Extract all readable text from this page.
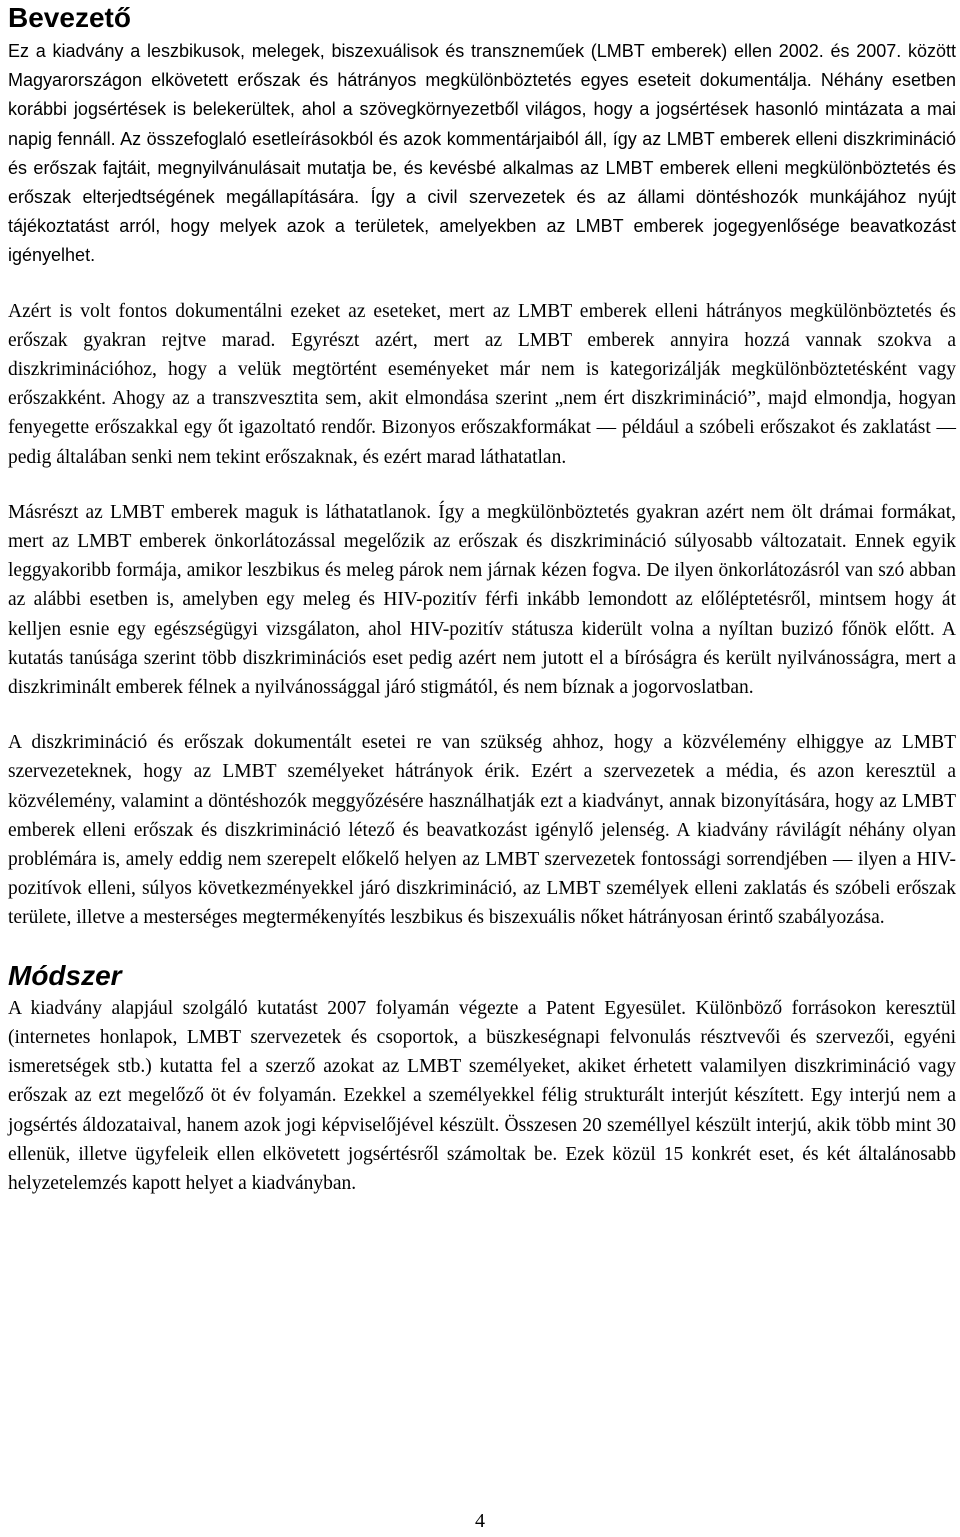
Bevezető

Ez a kiadvány a leszbikusok, melegek, biszexuálisok és transzneműek (LMBT emberek) ellen 2002. és 2007. között Magyarországon elkövetett erőszak és hátrányos megkülönböztetés egyes eseteit dokumentálja. Néhány esetben korábbi jogsértések is belekerültek, ahol a szövegkörnyezetből világos, hogy a jogsértések hasonló mintázata a mai napig fennáll. Az összefoglaló esetleírásokból és azok kommentárjaiból áll, így az LMBT emberek elleni diszkrimináció és erőszak fajtáit, megnyilvánulásait mutatja be, és kevésbé alkalmas az LMBT emberek elleni megkülönböztetés és erőszak elterjedtségének megállapítására. Így a civil szervezetek és az állami döntéshozók munkájához nyújt tájékoztatást arról, hogy melyek azok a területek, amelyekben az LMBT emberek jogegyenlősége beavatkozást igényelhet.

Azért is volt fontos dokumentálni ezeket az eseteket, mert az LMBT emberek elleni hátrányos megkülönböztetés és erőszak gyakran rejtve marad. Egyrészt azért, mert az LMBT emberek annyira hozzá vannak szokva a diszkriminációhoz, hogy a velük megtörtént eseményeket már nem is kategorizálják megkülönböztetésként vagy erőszakként. Ahogy az a transzvesztita sem, akit elmondása szerint „nem ért diszkrimináció”, majd elmondja, hogyan fenyegette erőszakkal egy őt igazoltató rendőr. Bizonyos erőszakformákat — például a szóbeli erőszakot és zaklatást — pedig általában senki nem tekint erőszaknak, és ezért marad láthatatlan.

Másrészt az LMBT emberek maguk is láthatatlanok. Így a megkülönböztetés gyakran azért nem ölt drámai formákat, mert az LMBT emberek önkorlátozással megelőzik az erőszak és diszkrimináció súlyosabb változatait. Ennek egyik leggyakoribb formája, amikor leszbikus és meleg párok nem járnak kézen fogva. De ilyen önkorlátozásról van szó abban az alábbi esetben is, amelyben egy meleg és HIV-pozitív férfi inkább lemondott az előléptetésről, mintsem hogy át kelljen esnie egy egészségügyi vizsgálaton, ahol HIV-pozitív státusza kiderült volna a nyíltan buzizó főnök előtt. A kutatás tanúsága szerint több diszkriminációs eset pedig azért nem jutott el a bíróságra és került nyilvánosságra, mert a diszkriminált emberek félnek a nyilvánossággal járó stigmától, és nem bíznak a jogorvoslatban.

A diszkrimináció és erőszak dokumentált esetei re van szükség ahhoz, hogy a közvélemény elhiggye az LMBT szervezeteknek, hogy az LMBT személyeket hátrányok érik. Ezért a szervezetek a média, és azon keresztül a közvélemény, valamint a döntéshozók meggyőzésére használhatják ezt a kiadványt, annak bizonyítására, hogy az LMBT emberek elleni erőszak és diszkrimináció létező és beavatkozást igénylő jelenség. A kiadvány rávilágít néhány olyan problémára is, amely eddig nem szerepelt előkelő helyen az LMBT szervezetek fontossági sorrendjében — ilyen a HIV-pozitívok elleni, súlyos következményekkel járó diszkrimináció, az LMBT személyek elleni zaklatás és szóbeli erőszak területe, illetve a mesterséges megtermékenyítés leszbikus és biszexuális nőket hátrányosan érintő szabályozása.

Módszer

A kiadvány alapjául szolgáló kutatást 2007 folyamán végezte a Patent Egyesület. Különböző forrásokon keresztül (internetes honlapok, LMBT szervezetek és csoportok, a büszkeségnapi felvonulás résztvevői és szervezői, egyéni ismeretségek stb.) kutatta fel a szerző azokat az LMBT személyeket, akiket érhetett valamilyen diszkrimináció vagy erőszak az ezt megelőző öt év folyamán. Ezekkel a személyekkel félig strukturált interjút készített. Egy interjú nem a jogsértés áldozataival, hanem azok jogi képviselőjével készült. Összesen 20 személlyel készült interjú, akik több mint 30 ellenük, illetve ügyfeleik ellen elkövetett jogsértésről számoltak be. Ezek közül 15 konkrét eset, és két általánosabb helyzetelemzés kapott helyet a kiadványban.

4
